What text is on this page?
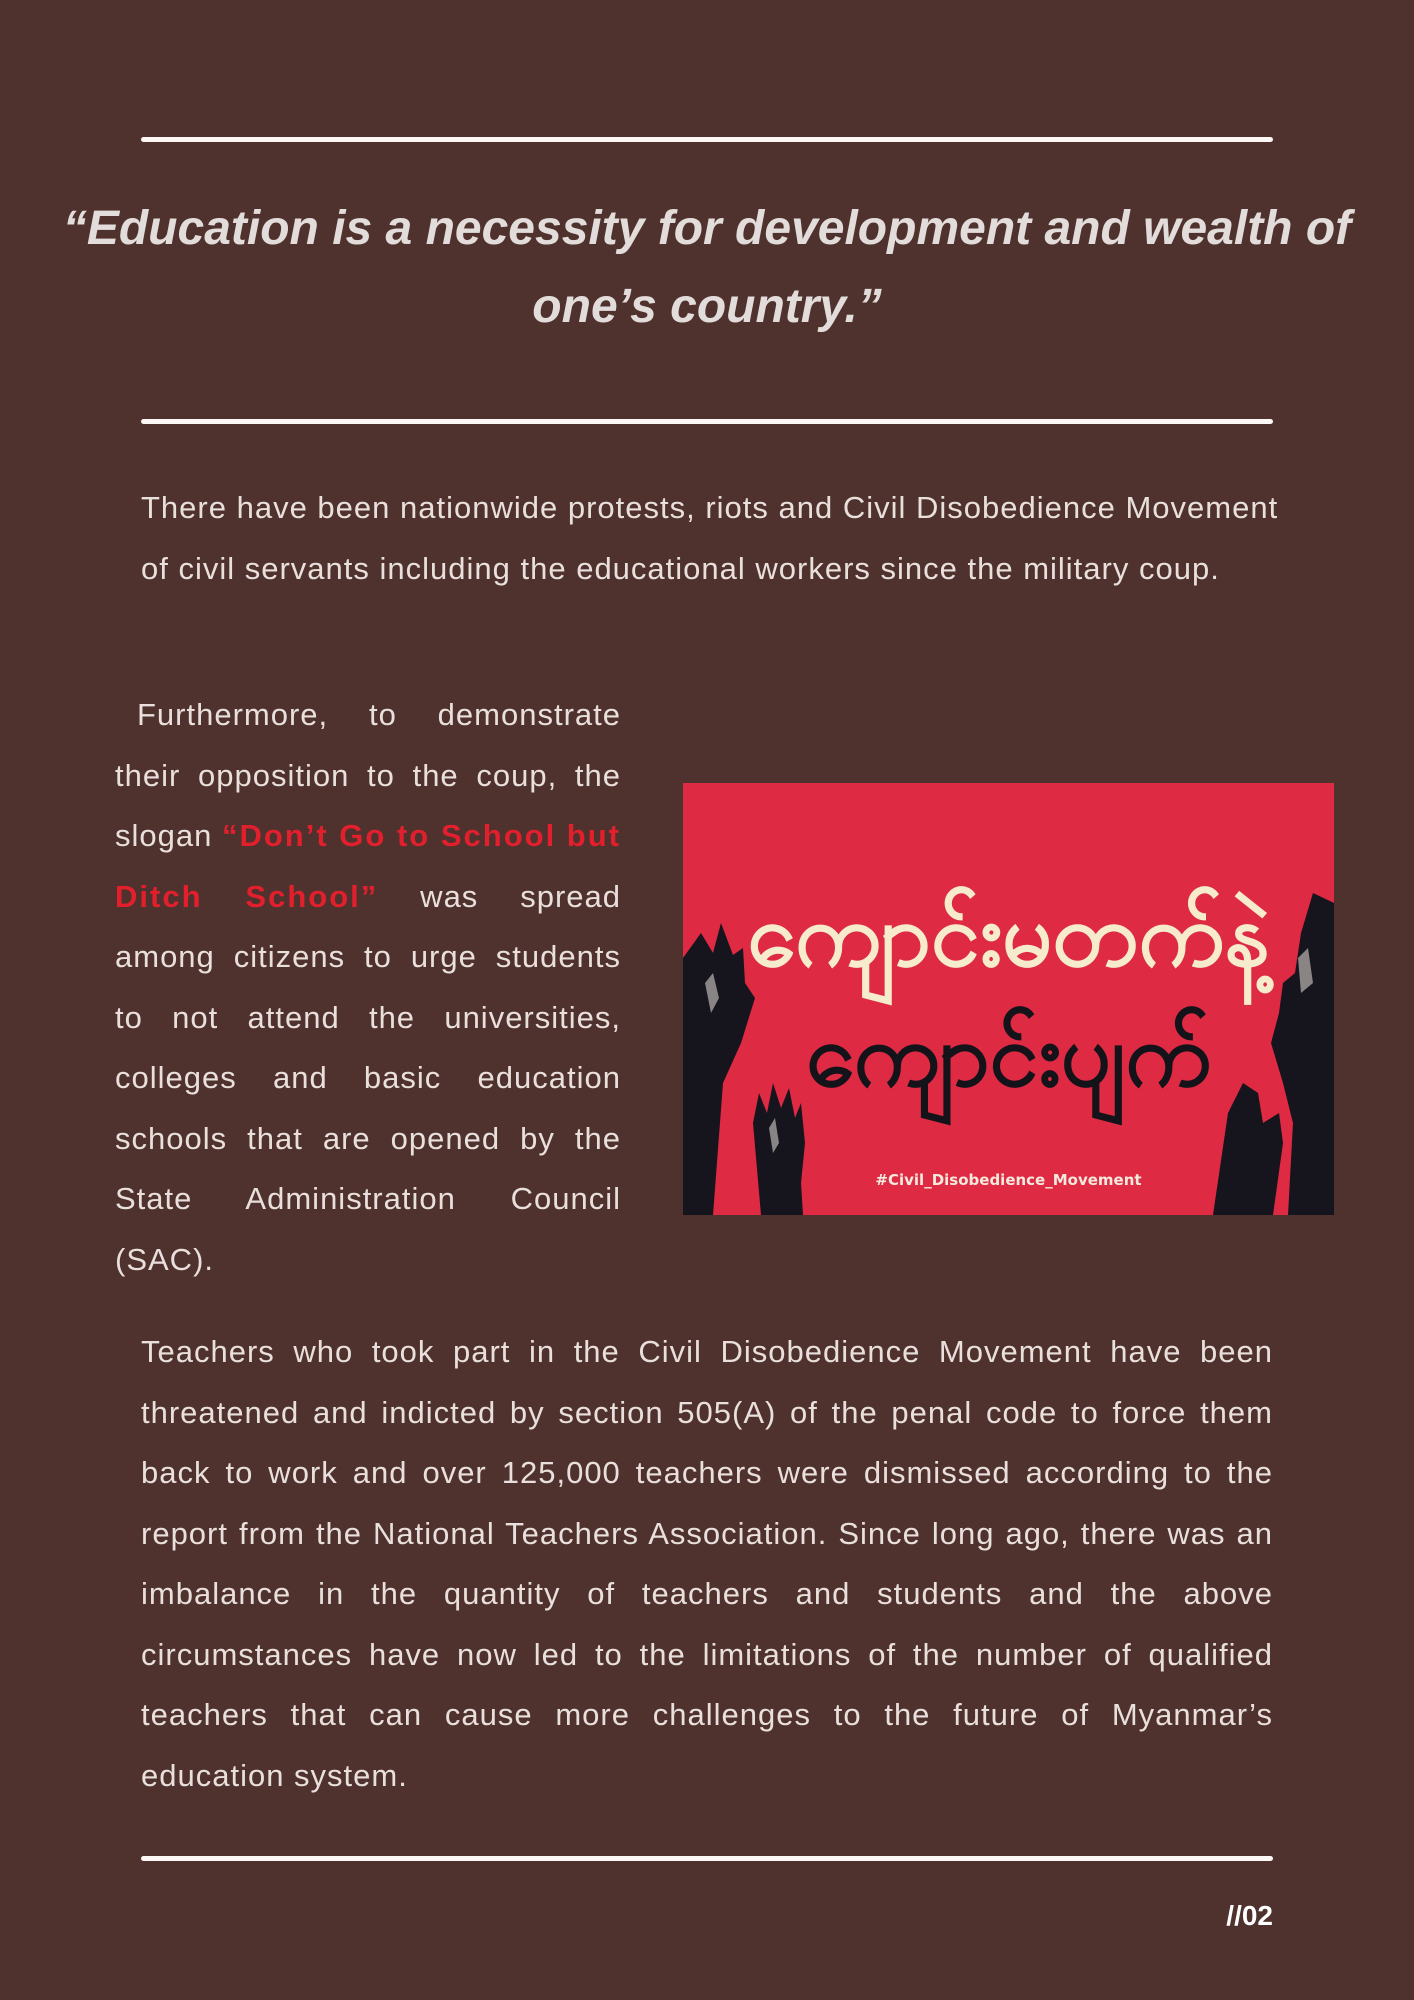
“Education is a necessity for development and wealth of one’s country.”

There have been nationwide protests, riots and Civil Disobedience Movement of civil servants including the educational workers since the military coup.

Furthermore, to demonstrate their opposition to the coup, the slogan “Don’t Go to School but Ditch School” was spread among citizens to urge students to not attend the universities, colleges and basic education schools that are opened by the State Administration Council (SAC).

ကျောင်းမတက်နဲ့
ကျောင်းပျက်
#Civil_Disobedience_Movement

Teachers who took part in the Civil Disobedience Movement have been threatened and indicted by section 505(A) of the penal code to force them back to work and over 125,000 teachers were dismissed according to the report from the National Teachers Association. Since long ago, there was an imbalance in the quantity of teachers and students and the above circumstances have now led to the limitations of the number of qualified teachers that can cause more challenges to the future of Myanmar’s education system.

//02
